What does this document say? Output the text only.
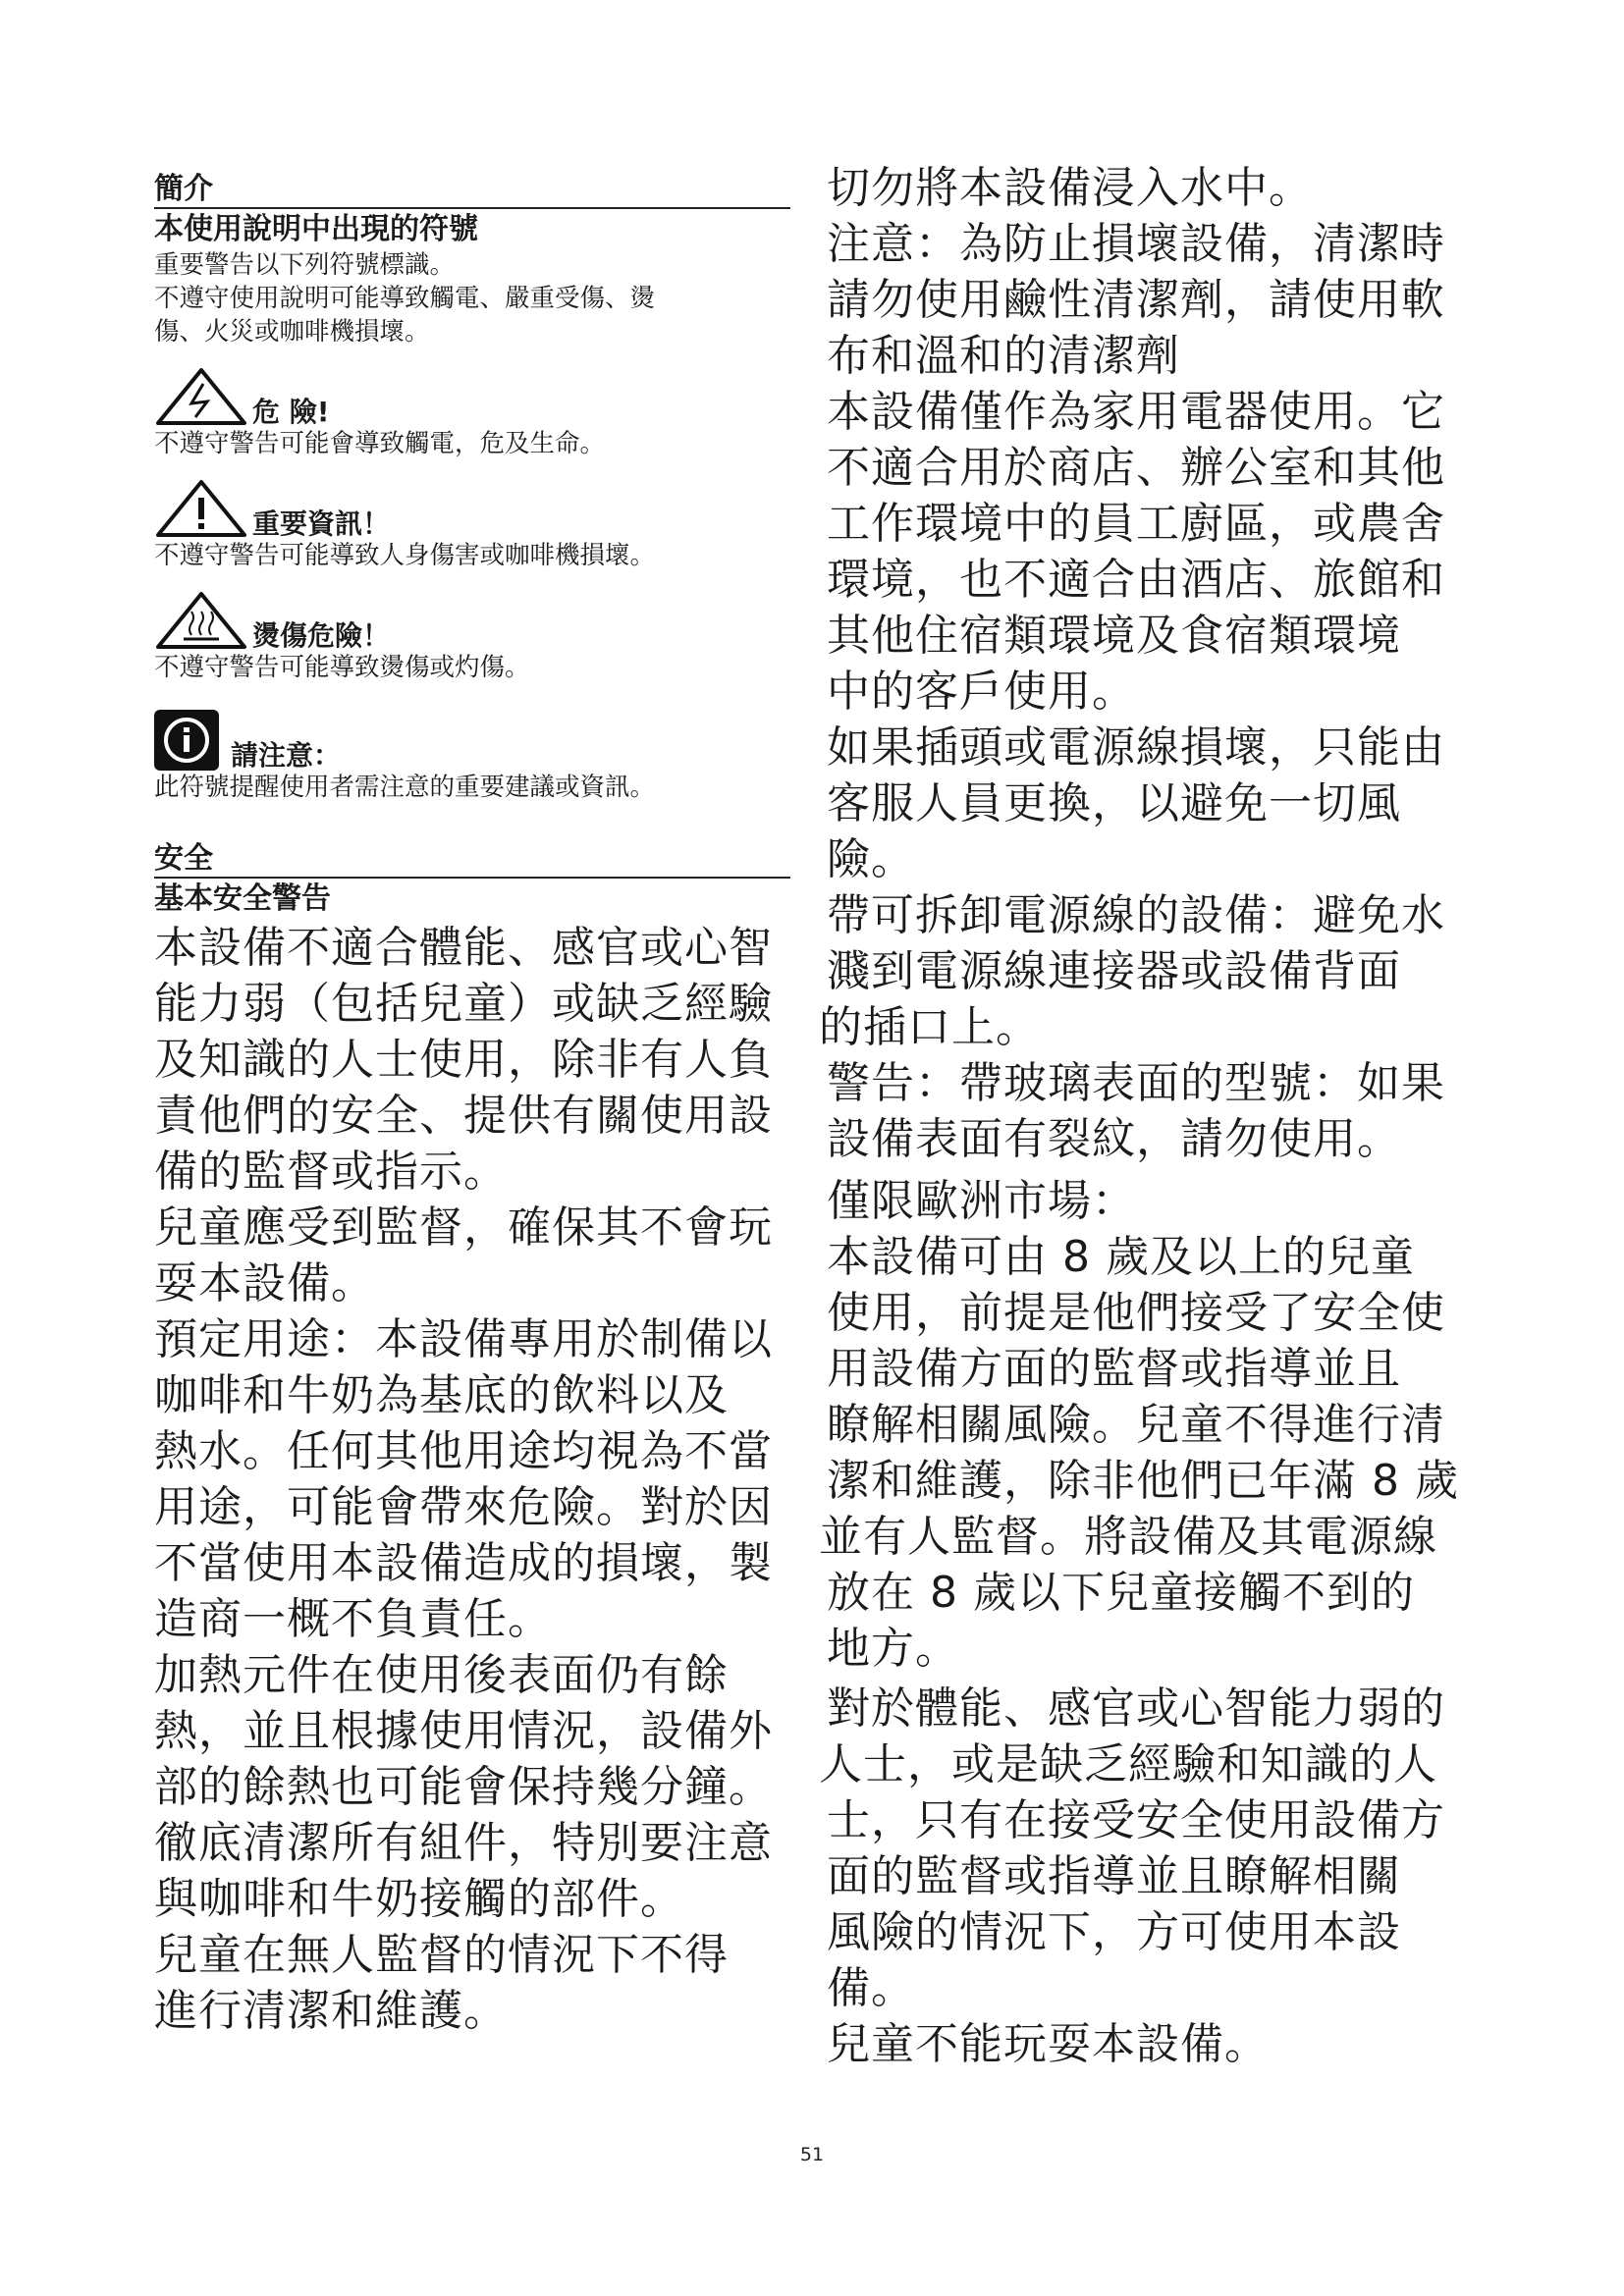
簡介

本使用說明中出現的符號

重要警告以下列符號標識。

不遵守使用說明可能導致觸電、嚴重受傷、燙

傷、火災或咖啡機損壞。

危 險!

不遵守警告可能會導致觸電，危及生命。

重要資訊！

不遵守警告可能導致人身傷害或咖啡機損壞。

燙傷危險！

不遵守警告可能導致燙傷或灼傷。

請注意：

此符號提醒使用者需注意的重要建議或資訊。

安全

基本安全警告

本設備不適合體能、感官或心智

能力弱（包括兒童）或缺乏經驗

及知識的人士使用，除非有人負

責他們的安全、提供有關使用設

備的監督或指示。

兒童應受到監督，確保其不會玩

耍本設備。

預定用途：本設備專用於制備以

咖啡和牛奶為基底的飲料以及

熱水。任何其他用途均視為不當

用途，可能會帶來危險。對於因

不當使用本設備造成的損壞，製

造商一概不負責任。

加熱元件在使用後表面仍有餘

熱，並且根據使用情況，設備外

部的餘熱也可能會保持幾分鐘。

徹底清潔所有組件，特別要注意

與咖啡和牛奶接觸的部件。

兒童在無人監督的情況下不得

進行清潔和維護。

切勿將本設備浸入水中。

注意：為防止損壞設備，清潔時

請勿使用鹼性清潔劑，請使用軟

布和溫和的清潔劑

本設備僅作為家用電器使用。它

不適合用於商店、辦公室和其他

工作環境中的員工廚區，或農舍

環境，也不適合由酒店、旅館和

其他住宿類環境及食宿類環境

中的客戶使用。

如果插頭或電源線損壞，只能由

客服人員更換，以避免一切風

險。

帶可拆卸電源線的設備：避免水

濺到電源線連接器或設備背面

的插口上。

警告：帶玻璃表面的型號：如果

設備表面有裂紋，請勿使用。

僅限歐洲市場：

本設備可由 8 歲及以上的兒童

使用，前提是他們接受了安全使

用設備方面的監督或指導並且

瞭解相關風險。兒童不得進行清

潔和維護，除非他們已年滿 8 歲

並有人監督。將設備及其電源線

放在 8 歲以下兒童接觸不到的

地方。

對於體能、感官或心智能力弱的

人士，或是缺乏經驗和知識的人

士，只有在接受安全使用設備方

面的監督或指導並且瞭解相關

風險的情況下，方可使用本設

備。

兒童不能玩耍本設備。

51
